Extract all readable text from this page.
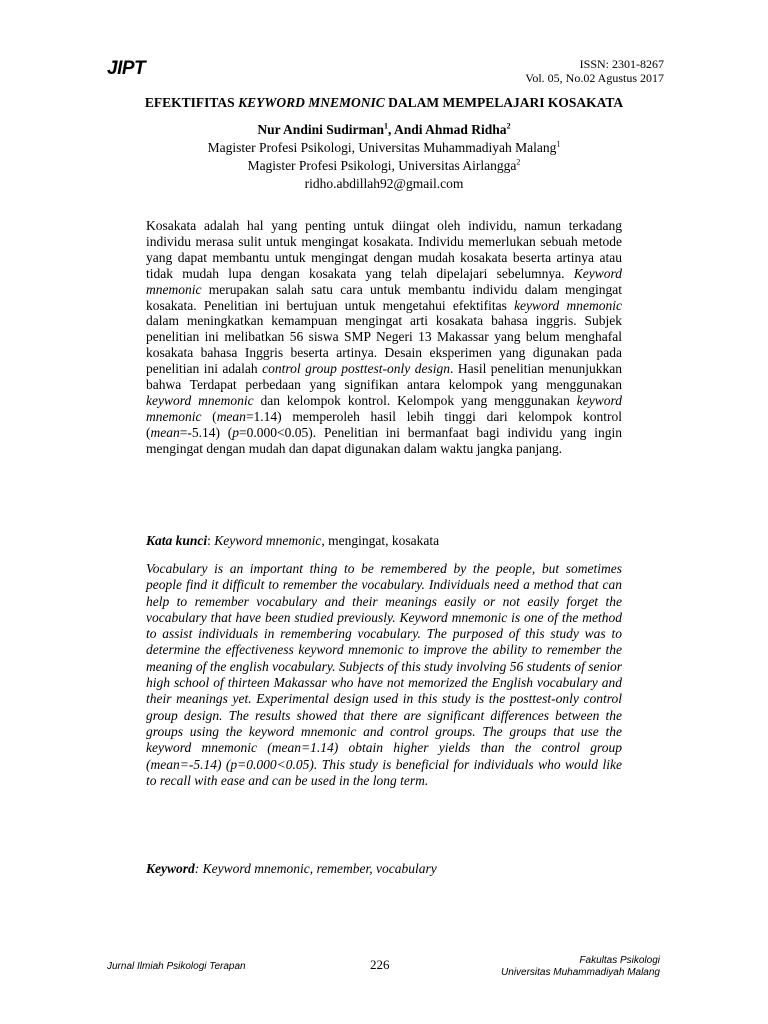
JIPT	ISSN: 2301-8267
Vol. 05, No.02 Agustus 2017
EFEKTIFITAS KEYWORD MNEMONIC DALAM MEMPELAJARI KOSAKATA
Nur Andini Sudirman$^1$, Andi Ahmad Ridha$^2$
Magister Profesi Psikologi, Universitas Muhammadiyah Malang$^1$
Magister Profesi Psikologi, Universitas Airlangga$^2$
ridho.abdillah92@gmail.com

Kosakata adalah hal yang penting untuk diingat oleh individu, namun terkadang individu merasa sulit untuk mengingat kosakata. Individu memerlukan sebuah metode yang dapat membantu untuk mengingat dengan mudah kosakata beserta artinya atau tidak mudah lupa dengan kosakata yang telah dipelajari sebelumnya. Keyword mnemonic merupakan salah satu cara untuk membantu individu dalam mengingat kosakata. Penelitian ini bertujuan untuk mengetahui efektifitas keyword mnemonic dalam meningkatkan kemampuan mengingat arti kosakata bahasa inggris. Subjek penelitian ini melibatkan 56 siswa SMP Negeri 13 Makassar yang belum menghafal kosakata bahasa Inggris beserta artinya. Desain eksperimen yang digunakan pada penelitian ini adalah control group posttest-only design. Hasil penelitian menunjukkan bahwa Terdapat perbedaan yang signifikan antara kelompok yang menggunakan keyword mnemonic dan kelompok kontrol. Kelompok yang menggunakan keyword mnemonic (mean=1.14) memperoleh hasil lebih tinggi dari kelompok kontrol (mean=-5.14) (p=0.000<0.05). Penelitian ini bermanfaat bagi individu yang ingin mengingat dengan mudah dan dapat digunakan dalam waktu jangka panjang.

Kata kunci: Keyword mnemonic, mengingat, kosakata

Vocabulary is an important thing to be remembered by the people, but sometimes people find it difficult to remember the vocabulary. Individuals need a method that can help to remember vocabulary and their meanings easily or not easily forget the vocabulary that have been studied previously. Keyword mnemonic is one of the method to assist individuals in remembering vocabulary. The purposed of this study was to determine the effectiveness keyword mnemonic to improve the ability to remember the meaning of the english vocabulary. Subjects of this study involving 56 students of senior high school of thirteen Makassar who have not memorized the English vocabulary and their meanings yet. Experimental design used in this study is the posttest-only control group design. The results showed that there are significant differences between the groups using the keyword mnemonic and control groups. The groups that use the keyword mnemonic (mean=1.14) obtain higher yields than the control group (mean=-5.14) (p=0.000<0.05). This study is beneficial for individuals who would like to recall with ease and can be used in the long term.

Keyword: Keyword mnemonic, remember, vocabulary

Jurnal Ilmiah Psikologi Terapan	226	Fakultas Psikologi
Universitas Muhammadiyah Malang
